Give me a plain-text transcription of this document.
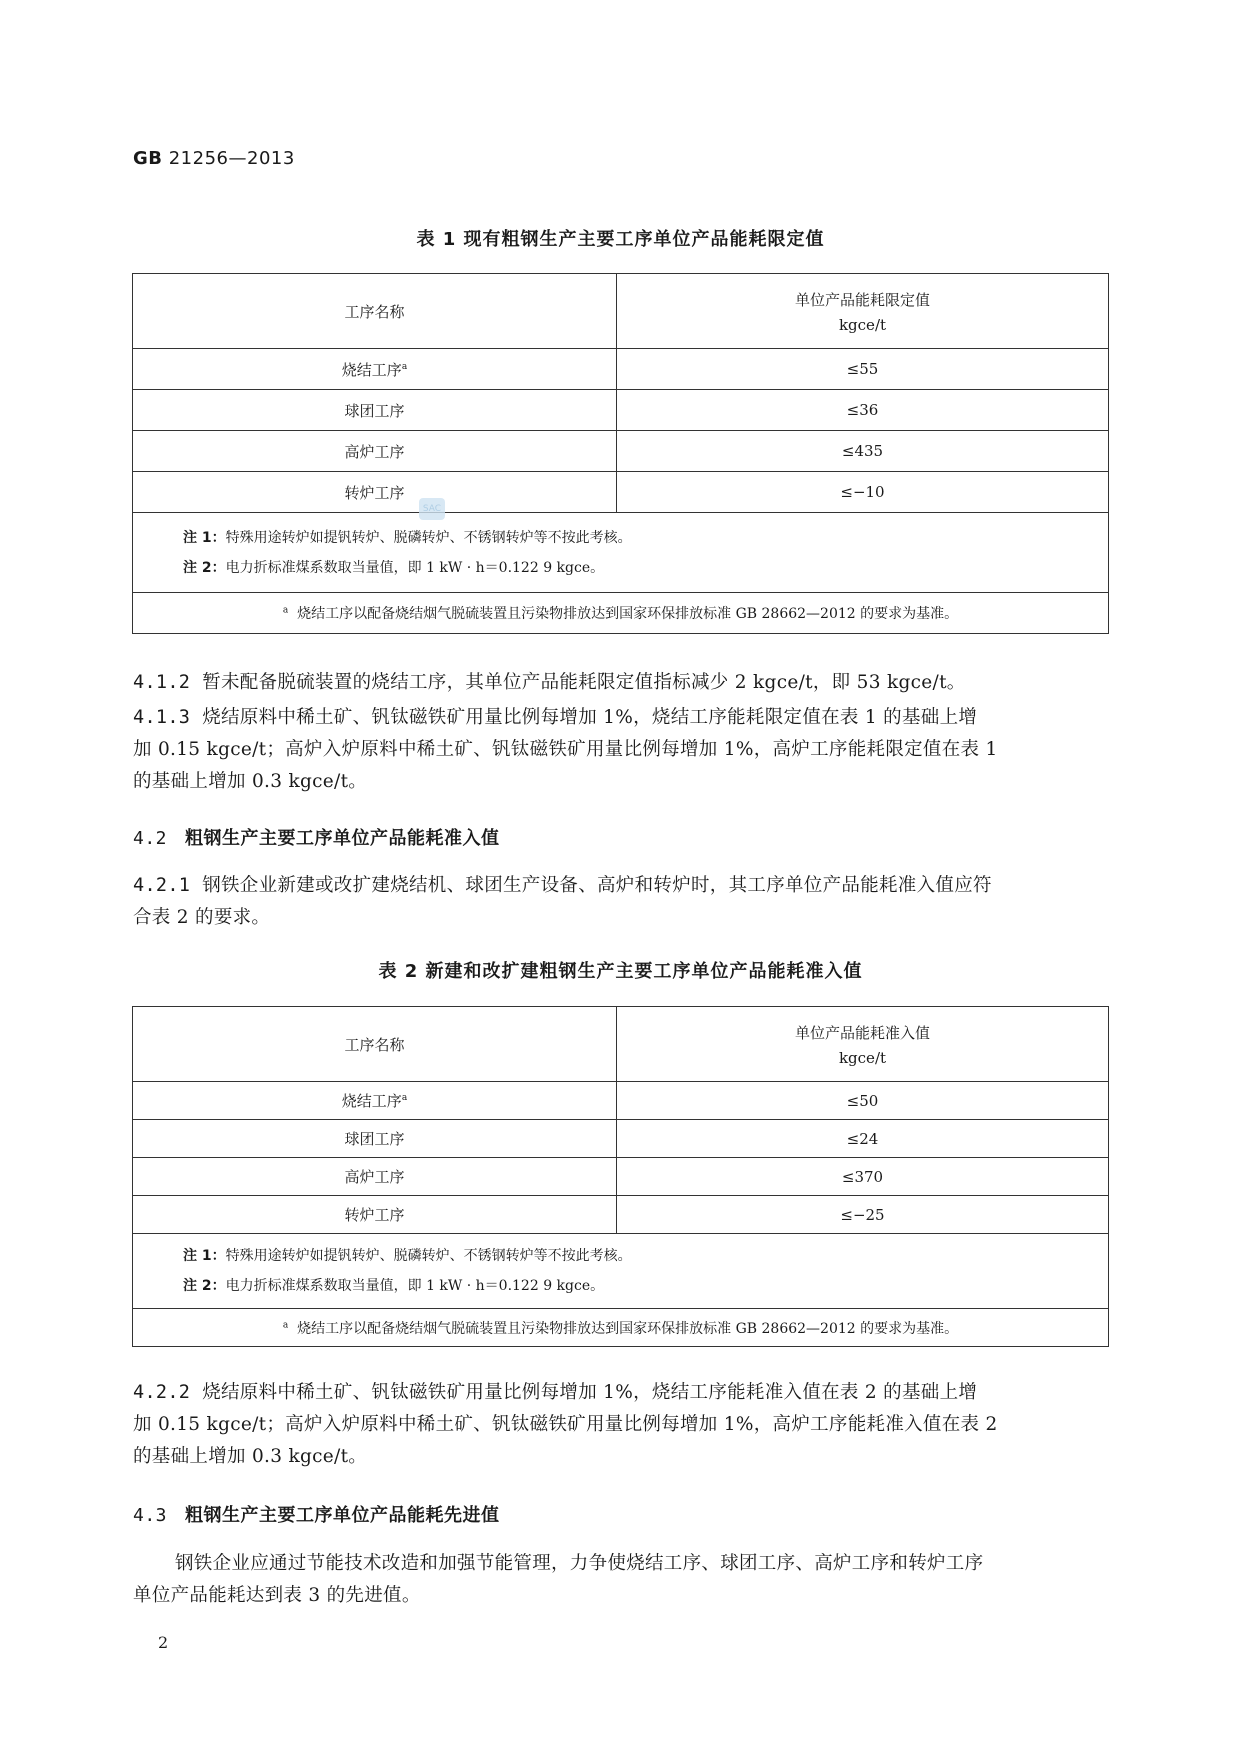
GB 21256—2013
表 1 现有粗钢生产主要工序单位产品能耗限定值
工序名称	单位产品能耗限定值
kgce/t

烧结工序$^a$	≤55
球团工序	≤36
高炉工序	≤435
转炉工序	≤−10

注 1：特殊用途转炉如提钒转炉、脱磷转炉、不锈钢转炉等不按此考核。
注 2：电力折标准煤系数取当量值，即 1 kW · h＝0.122 9 kgce。	

$^a$ 烧结工序以配备烧结烟气脱硫装置且污染物排放达到国家环保排放标准 GB 28662—2012 的要求为基准。	
SAC
4.1.2 暂未配备脱硫装置的烧结工序，其单位产品能耗限定值指标减少 2 kgce/t，即 53 kgce/t。
4.1.3 烧结原料中稀土矿、钒钛磁铁矿用量比例每增加 1%，烧结工序能耗限定值在表 1 的基础上增
加 0.15 kgce/t；高炉入炉原料中稀土矿、钒钛磁铁矿用量比例每增加 1%，高炉工序能耗限定值在表 1
的基础上增加 0.3 kgce/t。
4.2 粗钢生产主要工序单位产品能耗准入值
4.2.1 钢铁企业新建或改扩建烧结机、球团生产设备、高炉和转炉时，其工序单位产品能耗准入值应符
合表 2 的要求。
表 2 新建和改扩建粗钢生产主要工序单位产品能耗准入值
工序名称	单位产品能耗准入值
kgce/t

烧结工序$^a$	≤50
球团工序	≤24
高炉工序	≤370
转炉工序	≤−25

注 1：特殊用途转炉如提钒转炉、脱磷转炉、不锈钢转炉等不按此考核。
注 2：电力折标准煤系数取当量值，即 1 kW · h＝0.122 9 kgce。	

$^a$ 烧结工序以配备烧结烟气脱硫装置且污染物排放达到国家环保排放标准 GB 28662—2012 的要求为基准。	
4.2.2 烧结原料中稀土矿、钒钛磁铁矿用量比例每增加 1%，烧结工序能耗准入值在表 2 的基础上增
加 0.15 kgce/t；高炉入炉原料中稀土矿、钒钛磁铁矿用量比例每增加 1%，高炉工序能耗准入值在表 2
的基础上增加 0.3 kgce/t。
4.3 粗钢生产主要工序单位产品能耗先进值
钢铁企业应通过节能技术改造和加强节能管理，力争使烧结工序、球团工序、高炉工序和转炉工序
单位产品能耗达到表 3 的先进值。
2
